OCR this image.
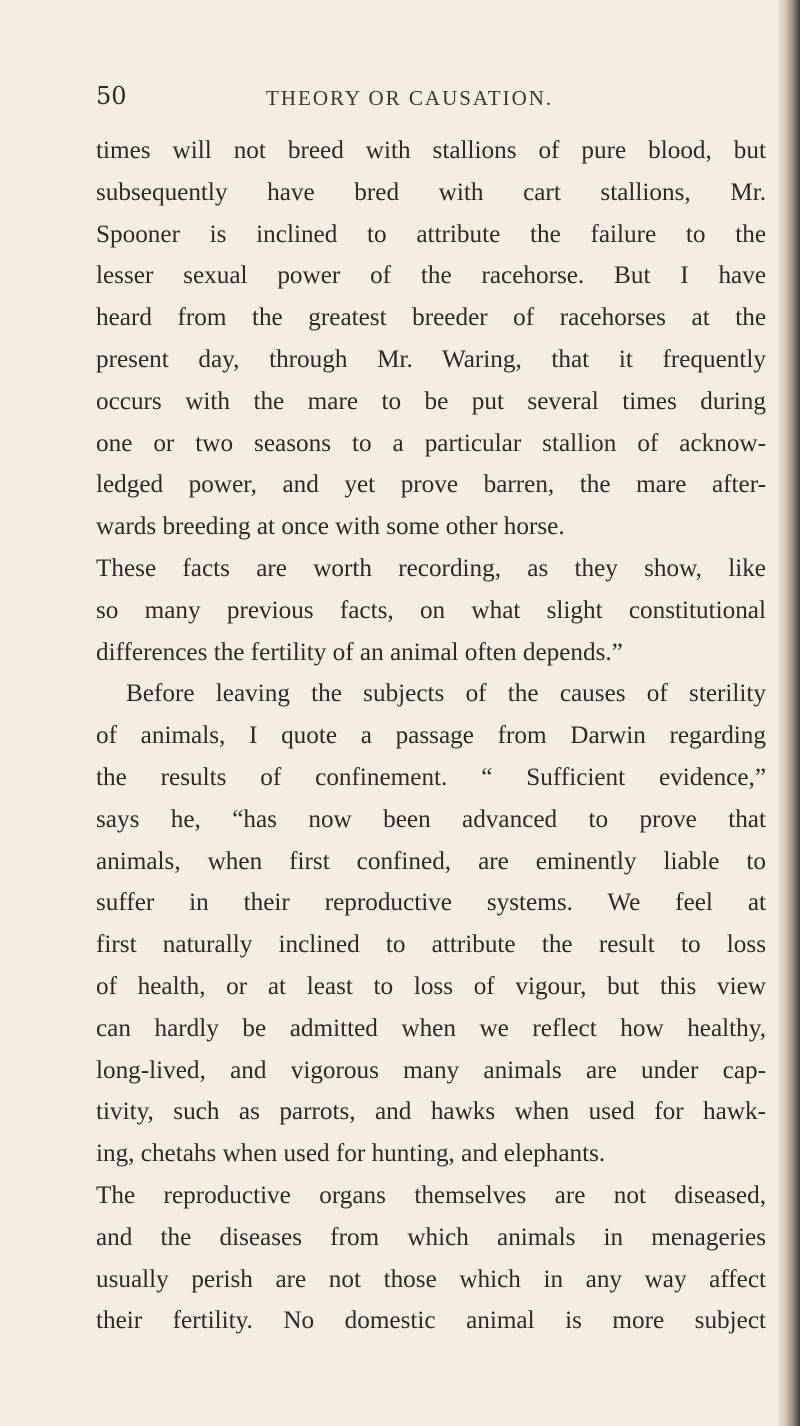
50	THEORY OR CAUSATION.
times will not breed with stallions of pure blood, but
subsequently have bred with cart stallions, Mr.
Spooner is inclined to attribute the failure to the
lesser sexual power of the racehorse. But I have
heard from the greatest breeder of racehorses at the
present day, through Mr. Waring, that it frequently
occurs with the mare to be put several times during
one or two seasons to a particular stallion of acknow-
ledged power, and yet prove barren, the mare after-
wards breeding at once with some other horse.
These facts are worth recording, as they show, like
so many previous facts, on what slight constitutional
differences the fertility of an animal often depends.”
Before leaving the subjects of the causes of sterility
of animals, I quote a passage from Darwin regarding
the results of confinement. “ Sufficient evidence,”
says he, “has now been advanced to prove that
animals, when first confined, are eminently liable to
suffer in their reproductive systems. We feel at
first naturally inclined to attribute the result to loss
of health, or at least to loss of vigour, but this view
can hardly be admitted when we reflect how healthy,
long-lived, and vigorous many animals are under cap-
tivity, such as parrots, and hawks when used for hawk-
ing, chetahs when used for hunting, and elephants.
The reproductive organs themselves are not diseased,
and the diseases from which animals in menageries
usually perish are not those which in any way affect
their fertility. No domestic animal is more subject
